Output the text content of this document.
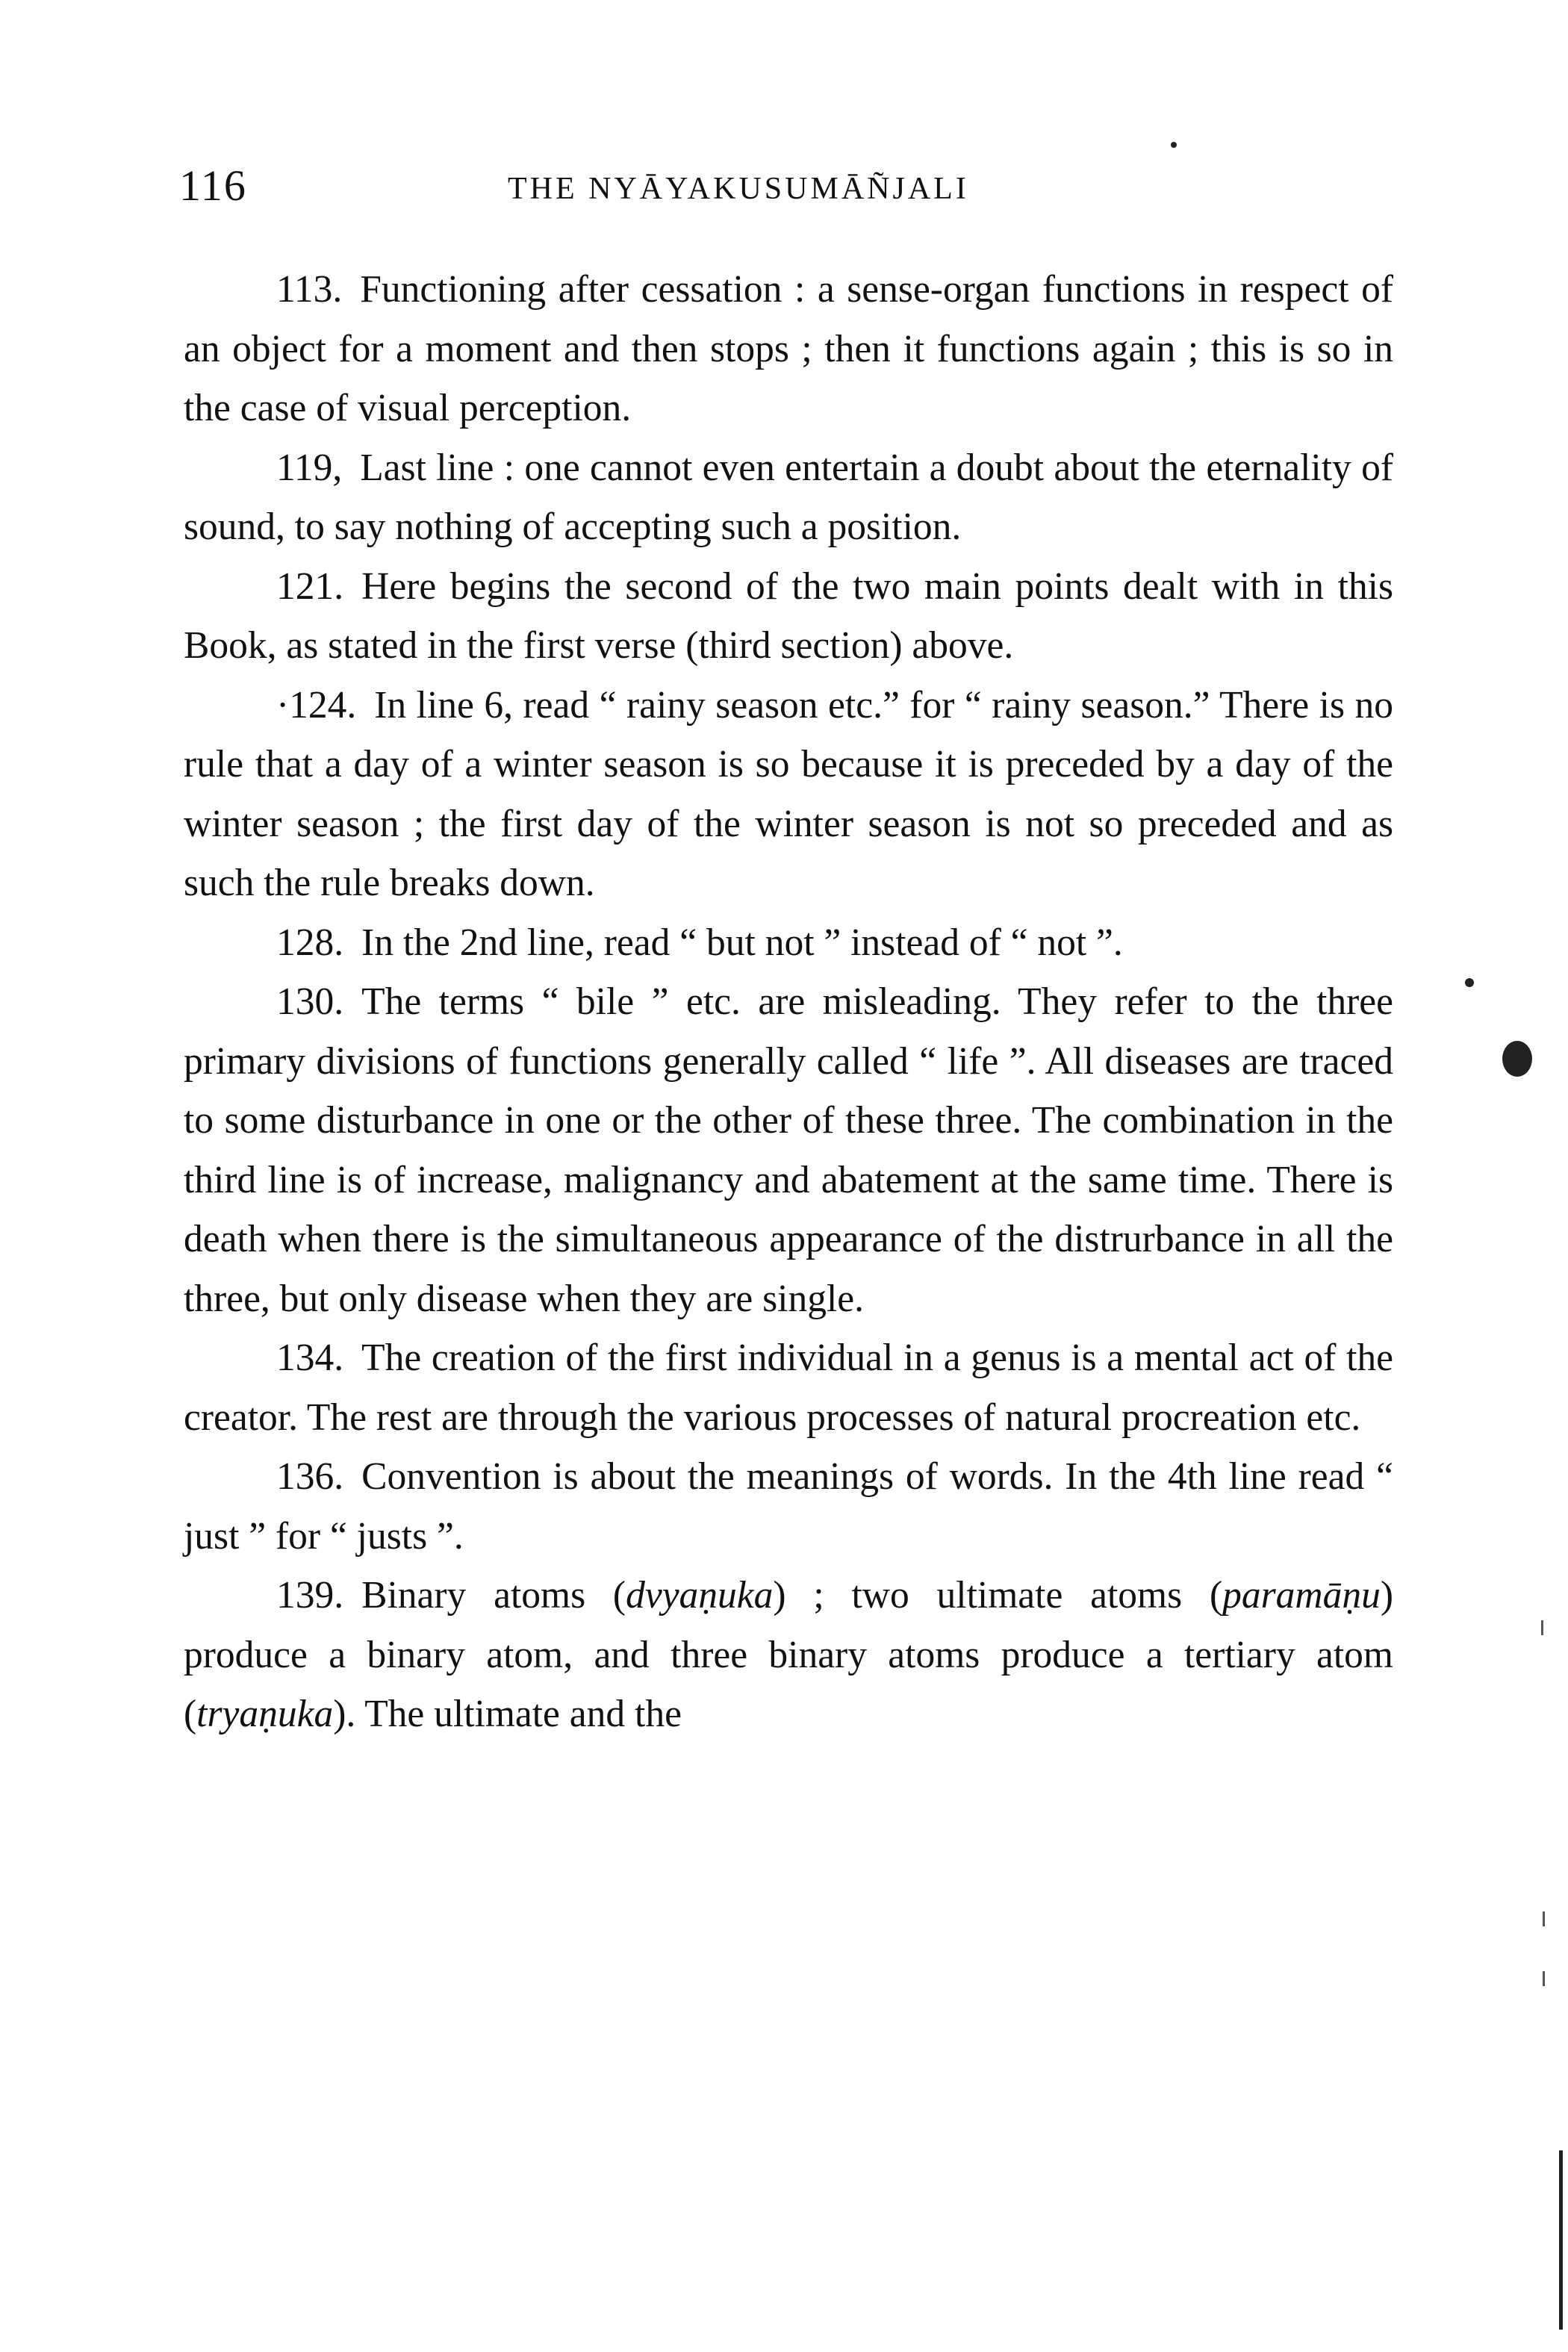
116	THE NYĀYAKUSUMĀÑJALI

113. Functioning after cessation : a sense-organ functions in respect of an object for a moment and then stops ; then it functions again ; this is so in the case of visual perception.

119, Last line : one cannot even entertain a doubt about the eternality of sound, to say nothing of accepting such a position.

121. Here begins the second of the two main points dealt with in this Book, as stated in the first verse (third section) above.

·124. In line 6, read “ rainy season etc.” for “ rainy season.” There is no rule that a day of a winter season is so because it is preceded by a day of the winter season ; the first day of the winter season is not so preceded and as such the rule breaks down.

128. In the 2nd line, read “ but not ” instead of “ not ”.

130. The terms “ bile ” etc. are misleading. They refer to the three primary divisions of functions generally called “ life ”. All diseases are traced to some disturbance in one or the other of these three. The combination in the third line is of increase, malignancy and abatement at the same time. There is death when there is the simultaneous appearance of the distrurbance in all the three, but only disease when they are single.

134. The creation of the first individual in a genus is a mental act of the creator. The rest are through the various processes of natural procreation etc.

136. Convention is about the meanings of words. In the 4th line read “ just ” for “ justs ”.

139. Binary atoms (dvyaṇuka) ; two ultimate atoms (paramāṇu) produce a binary atom, and three binary atoms produce a tertiary atom (tryaṇuka). The ultimate and the
